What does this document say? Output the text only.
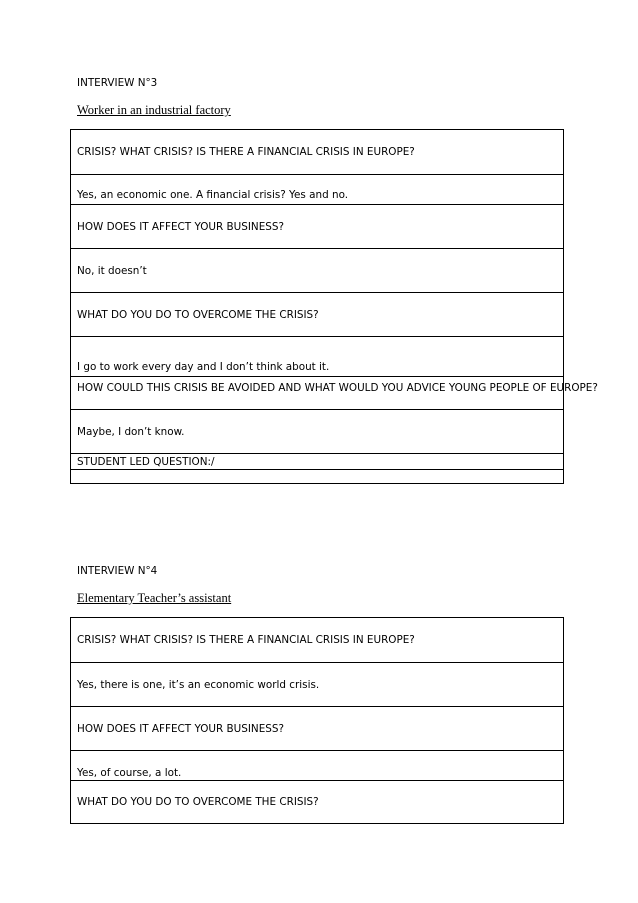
INTERVIEW N°3
Worker in an industrial factory
CRISIS? WHAT CRISIS? IS THERE A FINANCIAL CRISIS IN EUROPE?
Yes, an economic one. A financial crisis? Yes and no.
HOW DOES IT AFFECT YOUR BUSINESS?
No, it doesn’t
WHAT DO YOU DO TO OVERCOME THE CRISIS?
I go to work every day and I don’t think about it.
HOW COULD THIS CRISIS BE AVOIDED AND WHAT WOULD YOU ADVICE YOUNG PEOPLE OF EUROPE?
Maybe, I don’t know.
STUDENT LED QUESTION:/
INTERVIEW N°4
Elementary Teacher’s assistant
CRISIS? WHAT CRISIS? IS THERE A FINANCIAL CRISIS IN EUROPE?
Yes, there is one, it’s an economic world crisis.
HOW DOES IT AFFECT YOUR BUSINESS?
Yes, of course, a lot.
WHAT DO YOU DO TO OVERCOME THE CRISIS?
